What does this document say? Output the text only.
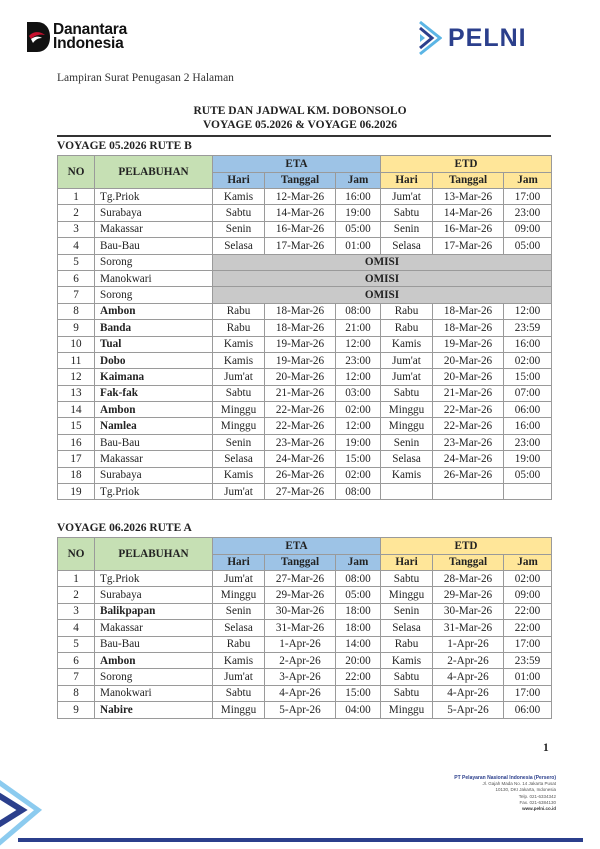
Danantara
Indonesia	PELNI
Lampiran Surat Penugasan 2 Halaman
RUTE DAN JADWAL KM. DOBONSOLO
VOYAGE 05.2026 & VOYAGE 06.2026
VOYAGE 05.2026 RUTE B
NO	PELABUHAN	ETA			ETD		
		Hari	Tanggal	Jam	Hari	Tanggal	Jam
1	Tg.Priok	Kamis	12-Mar-26	16:00	Jum'at	13-Mar-26	17:00
2	Surabaya	Sabtu	14-Mar-26	19:00	Sabtu	14-Mar-26	23:00
3	Makassar	Senin	16-Mar-26	05:00	Senin	16-Mar-26	09:00
4	Bau-Bau	Selasa	17-Mar-26	01:00	Selasa	17-Mar-26	05:00
5	Sorong	OMISI					
6	Manokwari	OMISI					
7	Sorong	OMISI					
8	Ambon	Rabu	18-Mar-26	08:00	Rabu	18-Mar-26	12:00
9	Banda	Rabu	18-Mar-26	21:00	Rabu	18-Mar-26	23:59
10	Tual	Kamis	19-Mar-26	12:00	Kamis	19-Mar-26	16:00
11	Dobo	Kamis	19-Mar-26	23:00	Jum'at	20-Mar-26	02:00
12	Kaimana	Jum'at	20-Mar-26	12:00	Jum'at	20-Mar-26	15:00
13	Fak-fak	Sabtu	21-Mar-26	03:00	Sabtu	21-Mar-26	07:00
14	Ambon	Minggu	22-Mar-26	02:00	Minggu	22-Mar-26	06:00
15	Namlea	Minggu	22-Mar-26	12:00	Minggu	22-Mar-26	16:00
16	Bau-Bau	Senin	23-Mar-26	19:00	Senin	23-Mar-26	23:00
17	Makassar	Selasa	24-Mar-26	15:00	Selasa	24-Mar-26	19:00
18	Surabaya	Kamis	26-Mar-26	02:00	Kamis	26-Mar-26	05:00
19	Tg.Priok	Jum'at	27-Mar-26	08:00			
VOYAGE 06.2026 RUTE A
NO	PELABUHAN	ETA			ETD		
		Hari	Tanggal	Jam	Hari	Tanggal	Jam
1	Tg.Priok	Jum'at	27-Mar-26	08:00	Sabtu	28-Mar-26	02:00
2	Surabaya	Minggu	29-Mar-26	05:00	Minggu	29-Mar-26	09:00
3	Balikpapan	Senin	30-Mar-26	18:00	Senin	30-Mar-26	22:00
4	Makassar	Selasa	31-Mar-26	18:00	Selasa	31-Mar-26	22:00
5	Bau-Bau	Rabu	1-Apr-26	14:00	Rabu	1-Apr-26	17:00
6	Ambon	Kamis	2-Apr-26	20:00	Kamis	2-Apr-26	23:59
7	Sorong	Jum'at	3-Apr-26	22:00	Sabtu	4-Apr-26	01:00
8	Manokwari	Sabtu	4-Apr-26	15:00	Sabtu	4-Apr-26	17:00
9	Nabire	Minggu	5-Apr-26	04:00	Minggu	5-Apr-26	06:00
1
PT Pelayaran Nasional Indonesia (Persero)
Jl. Gajah Mada No. 14 Jakarta Pusat
10130, DKI Jakarta, Indonesia
Telp. 021-6334342
Fax. 021-6384130
www.pelni.co.id
